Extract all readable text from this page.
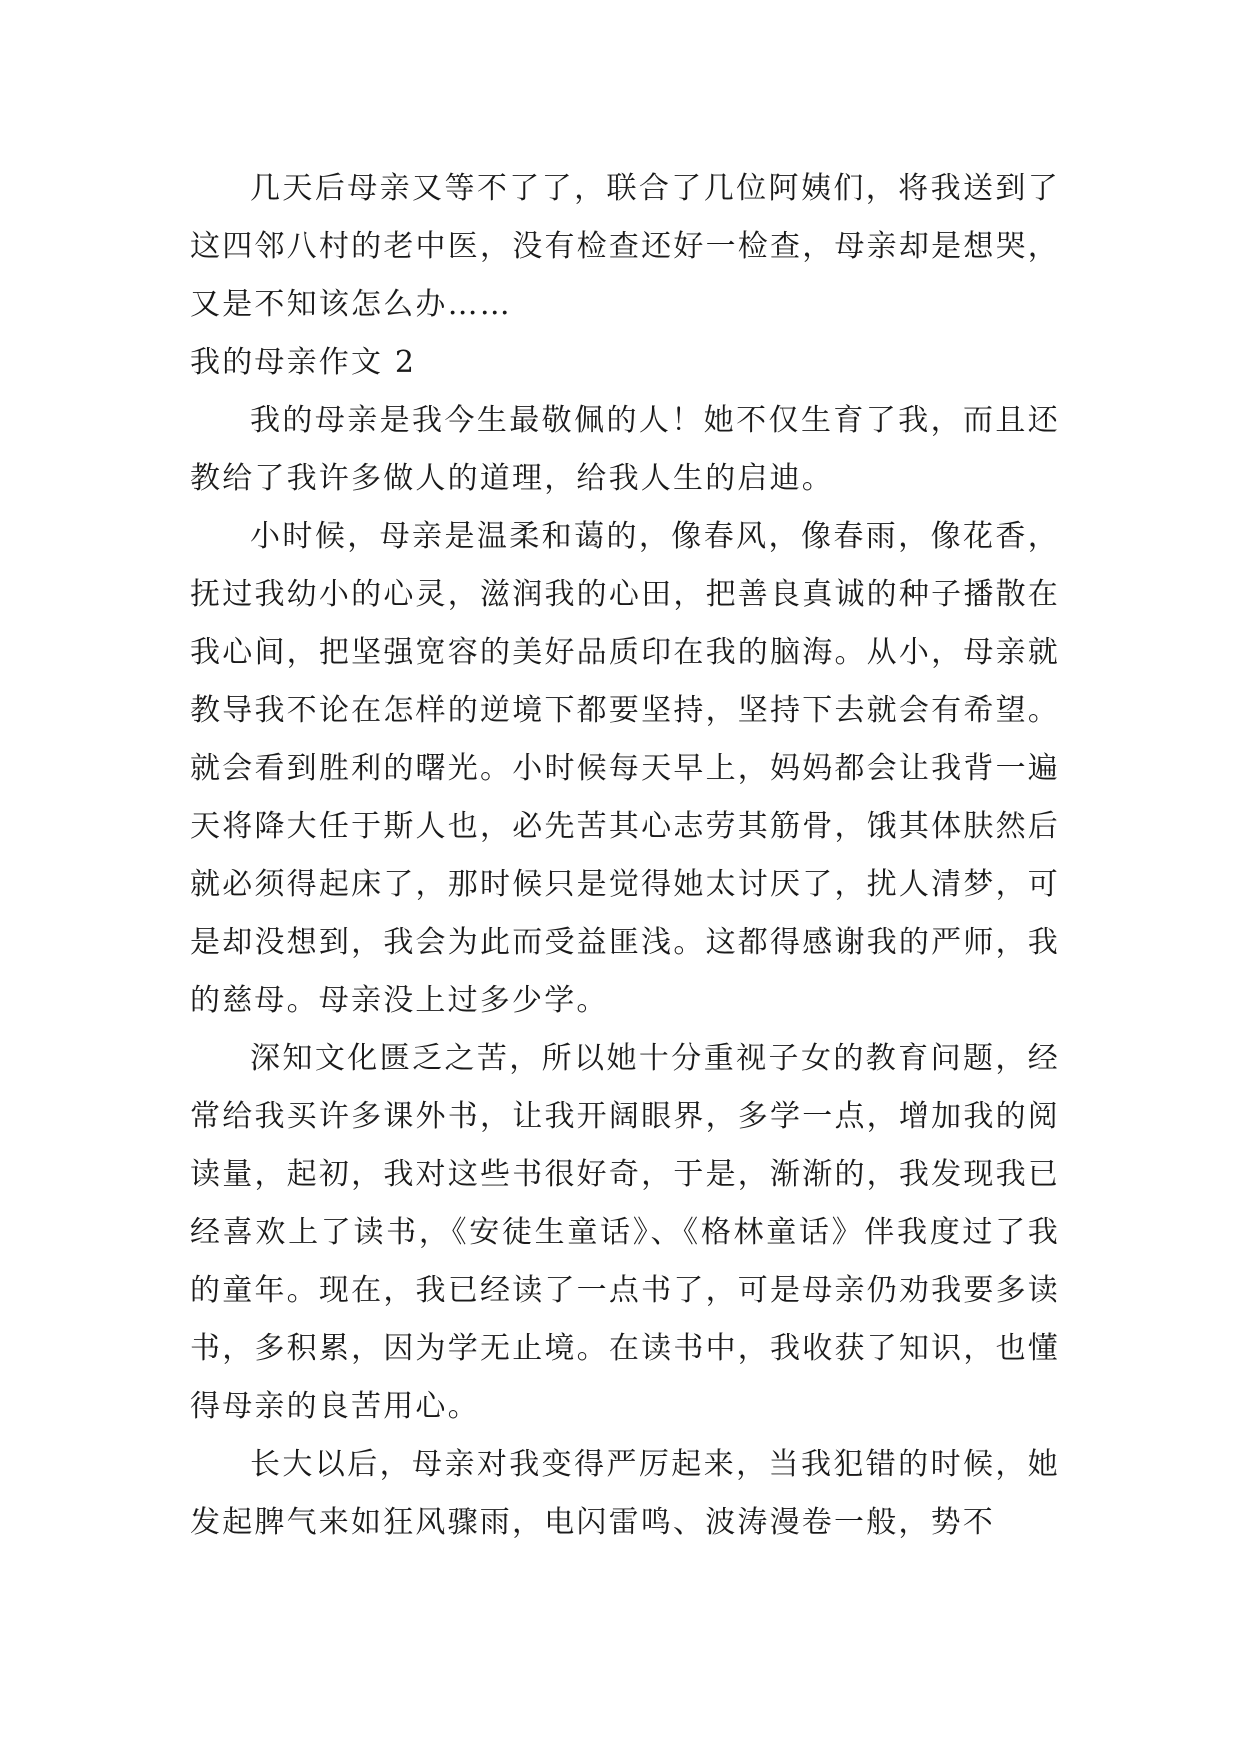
几天后母亲又等不了了，联合了几位阿姨们，将我送到了这四邻八村的老中医，没有检查还好一检查，母亲却是想哭，又是不知该怎么办……

我的母亲作文 2

我的母亲是我今生最敬佩的人！她不仅生育了我，而且还教给了我许多做人的道理，给我人生的启迪。

小时候，母亲是温柔和蔼的，像春风，像春雨，像花香，抚过我幼小的心灵，滋润我的心田，把善良真诚的种子播散在我心间，把坚强宽容的美好品质印在我的脑海。从小，母亲就教导我不论在怎样的逆境下都要坚持，坚持下去就会有希望。就会看到胜利的曙光。小时候每天早上，妈妈都会让我背一遍天将降大任于斯人也，必先苦其心志劳其筋骨，饿其体肤然后就必须得起床了，那时候只是觉得她太讨厌了，扰人清梦，可是却没想到，我会为此而受益匪浅。这都得感谢我的严师，我的慈母。母亲没上过多少学。

深知文化匮乏之苦，所以她十分重视子女的教育问题，经常给我买许多课外书，让我开阔眼界，多学一点，增加我的阅读量，起初，我对这些书很好奇，于是，渐渐的，我发现我已经喜欢上了读书，《安徒生童话》、《格林童话》伴我度过了我的童年。现在，我已经读了一点书了，可是母亲仍劝我要多读书，多积累，因为学无止境。在读书中，我收获了知识，也懂得母亲的良苦用心。

长大以后，母亲对我变得严厉起来，当我犯错的时候，她发起脾气来如狂风骤雨，电闪雷鸣、波涛漫卷一般，势不
